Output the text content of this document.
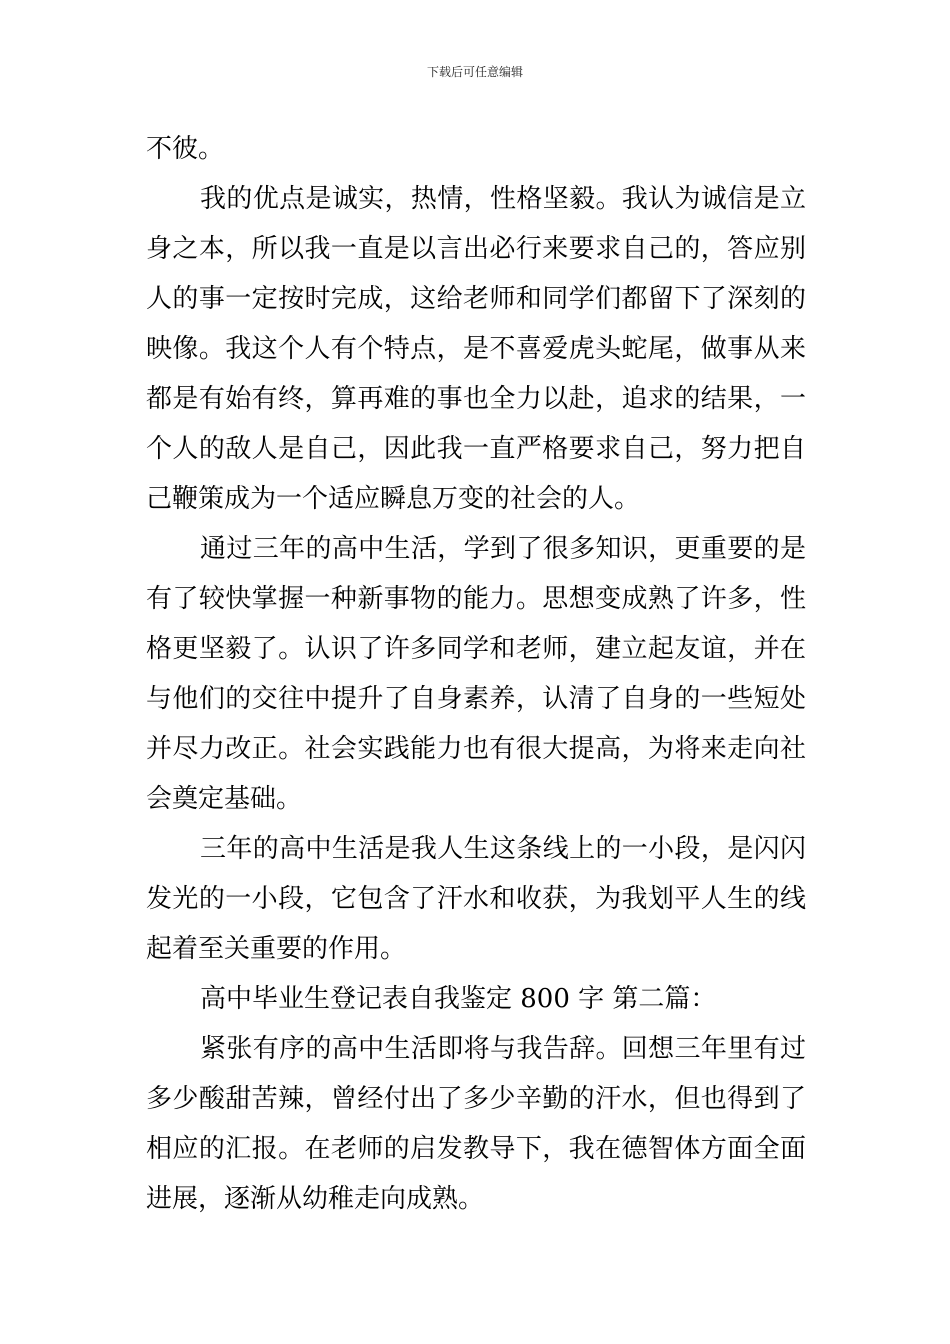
下载后可任意编辑
不彼。
我的优点是诚实，热情，性格坚毅。我认为诚信是立
身之本，所以我一直是以言出必行来要求自己的，答应别
人的事一定按时完成，这给老师和同学们都留下了深刻的
映像。我这个人有个特点，是不喜爱虎头蛇尾，做事从来
都是有始有终，算再难的事也全力以赴，追求的结果，一
个人的敌人是自己，因此我一直严格要求自己，努力把自
己鞭策成为一个适应瞬息万变的社会的人。
通过三年的高中生活，学到了很多知识，更重要的是
有了较快掌握一种新事物的能力。思想变成熟了许多，性
格更坚毅了。认识了许多同学和老师，建立起友谊，并在
与他们的交往中提升了自身素养，认清了自身的一些短处
并尽力改正。社会实践能力也有很大提高，为将来走向社
会奠定基础。
三年的高中生活是我人生这条线上的一小段，是闪闪
发光的一小段，它包含了汗水和收获，为我划平人生的线
起着至关重要的作用。
高中毕业生登记表自我鉴定 800 字 第二篇：
紧张有序的高中生活即将与我告辞。回想三年里有过
多少酸甜苦辣，曾经付出了多少辛勤的汗水，但也得到了
相应的汇报。在老师的启发教导下，我在德智体方面全面
进展，逐渐从幼稚走向成熟。
